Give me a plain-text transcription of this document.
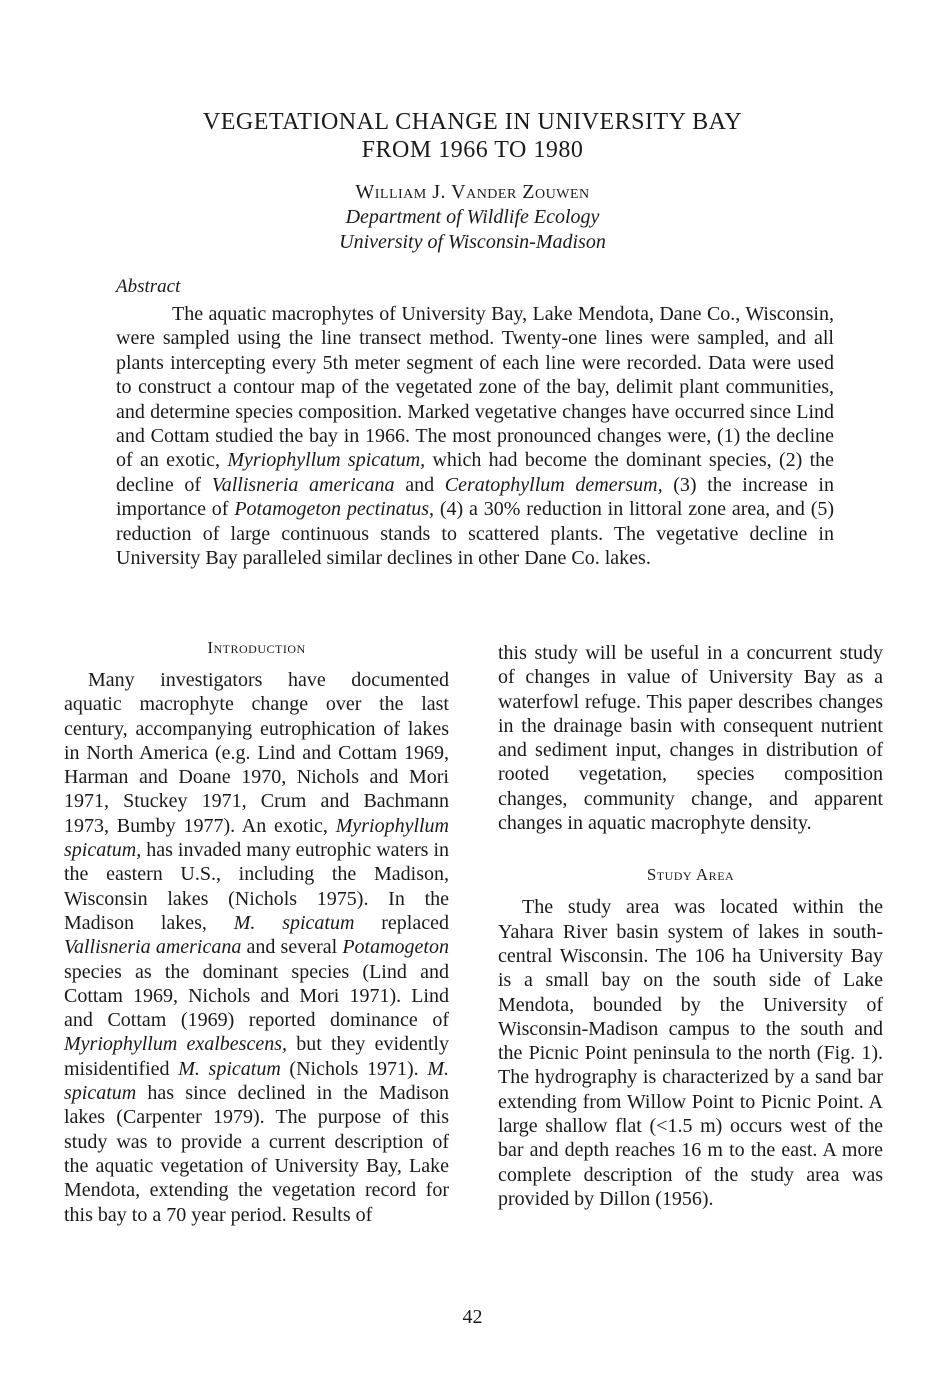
VEGETATIONAL CHANGE IN UNIVERSITY BAY
FROM 1966 TO 1980
William J. Vander Zouwen
Department of Wildlife Ecology
University of Wisconsin-Madison
Abstract

The aquatic macrophytes of University Bay, Lake Mendota, Dane Co., Wisconsin, were sampled using the line transect method. Twenty-one lines were sampled, and all plants intercepting every 5th meter segment of each line were recorded. Data were used to construct a contour map of the vegetated zone of the bay, delimit plant communities, and determine species composition. Marked vegetative changes have occurred since Lind and Cottam studied the bay in 1966. The most pronounced changes were, (1) the decline of an exotic, Myriophyllum spicatum, which had become the dominant species, (2) the decline of Vallisneria americana and Ceratophyllum demersum, (3) the increase in importance of Potamogeton pectinatus, (4) a 30% reduction in littoral zone area, and (5) reduction of large continuous stands to scattered plants. The vegetative decline in University Bay paralleled similar declines in other Dane Co. lakes.

Introduction

Many investigators have documented aquatic macrophyte change over the last century, accompanying eutrophication of lakes in North America (e.g. Lind and Cottam 1969, Harman and Doane 1970, Nichols and Mori 1971, Stuckey 1971, Crum and Bachmann 1973, Bumby 1977). An exotic, Myriophyllum spicatum, has invaded many eutrophic waters in the eastern U.S., including the Madison, Wisconsin lakes (Nichols 1975). In the Madison lakes, M. spicatum replaced Vallisneria americana and several Potamogeton species as the dominant species (Lind and Cottam 1969, Nichols and Mori 1971). Lind and Cottam (1969) reported dominance of Myriophyllum exalbescens, but they evidently misidentified M. spicatum (Nichols 1971). M. spicatum has since declined in the Madison lakes (Carpenter 1979). The purpose of this study was to provide a current description of the aquatic vegetation of University Bay, Lake Mendota, extending the vegetation record for this bay to a 70 year period. Results of

this study will be useful in a concurrent study of changes in value of University Bay as a waterfowl refuge. This paper describes changes in the drainage basin with consequent nutrient and sediment input, changes in distribution of rooted vegetation, species composition changes, community change, and apparent changes in aquatic macrophyte density.

Study Area

The study area was located within the Yahara River basin system of lakes in south-central Wisconsin. The 106 ha University Bay is a small bay on the south side of Lake Mendota, bounded by the University of Wisconsin-Madison campus to the south and the Picnic Point peninsula to the north (Fig. 1). The hydrography is characterized by a sand bar extending from Willow Point to Picnic Point. A large shallow flat (<1.5 m) occurs west of the bar and depth reaches 16 m to the east. A more complete description of the study area was provided by Dillon (1956).

42
